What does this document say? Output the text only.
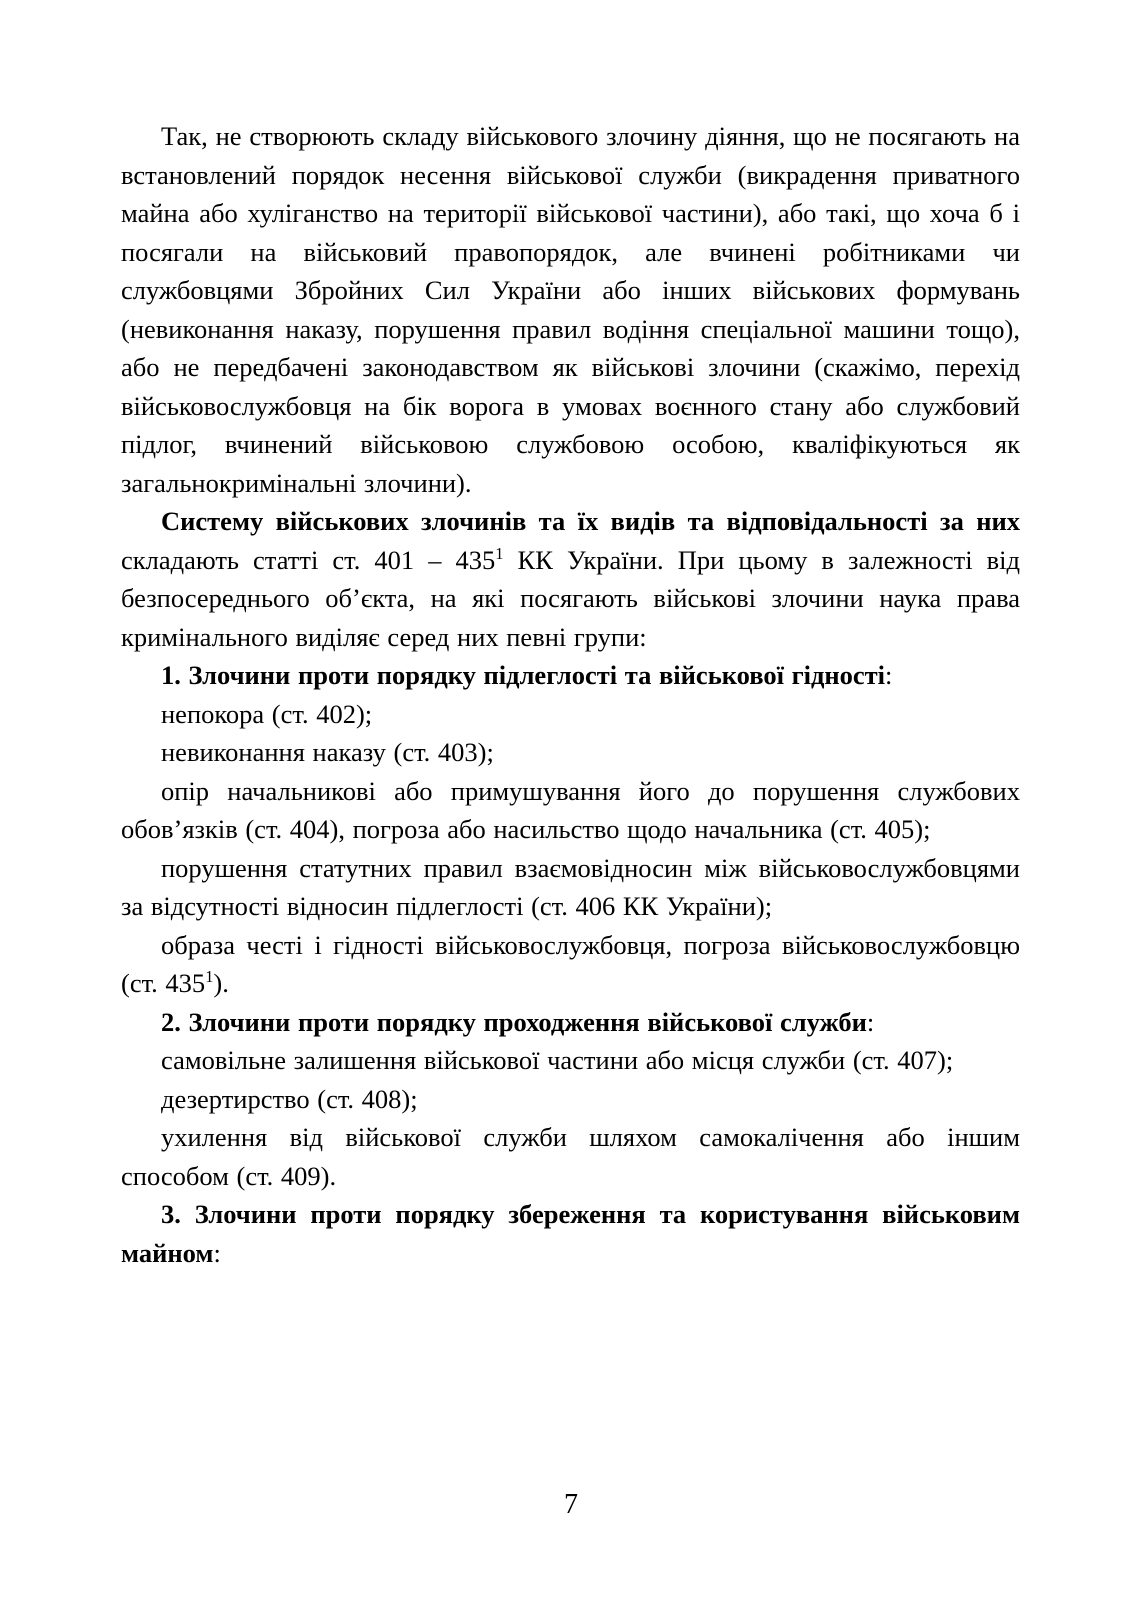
Так, не створюють складу військового злочину діяння, що не посягають на встановлений порядок несення військової служби (викрадення приватного майна або хуліганство на території військової частини), або такі, що хоча б і посягали на військовий правопорядок, але вчинені робітниками чи службовцями Збройних Сил України або інших військових формувань (невиконання наказу, порушення правил водіння спеціальної машини тощо), або не передбачені законодавством як військові злочини (скажімо, перехід військовослужбовця на бік ворога в умовах воєнного стану або службовий підлог, вчинений військовою службовою особою, кваліфікуються як загальнокримінальні злочини).

Систему військових злочинів та їх видів та відповідальності за них складають статті ст. $401 - 435^1$ КК України. При цьому в залежності від безпосереднього об’єкта, на які посягають військові злочини наука права кримінального виділяє серед них певні групи:

1. Злочини проти порядку підлеглості та військової гідності:

непокора (ст. 402);

невиконання наказу (ст. 403);

опір начальникові або примушування його до порушення службових обов’язків (ст. 404), погроза або насильство щодо начальника (ст. 405);

порушення статутних правил взаємовідносин між військовослужбовцями за відсутності відносин підлеглості (ст. 406 КК України);

образа честі і гідності військовослужбовця, погроза військовослужбовцю (ст. $435^1$).

2. Злочини проти порядку проходження військової служби:

самовільне залишення військової частини або місця служби (ст. 407);

дезертирство (ст. 408);

ухилення від військової служби шляхом самокалічення або іншим способом (ст. 409).

3. Злочини проти порядку збереження та користування військовим майном:

7
